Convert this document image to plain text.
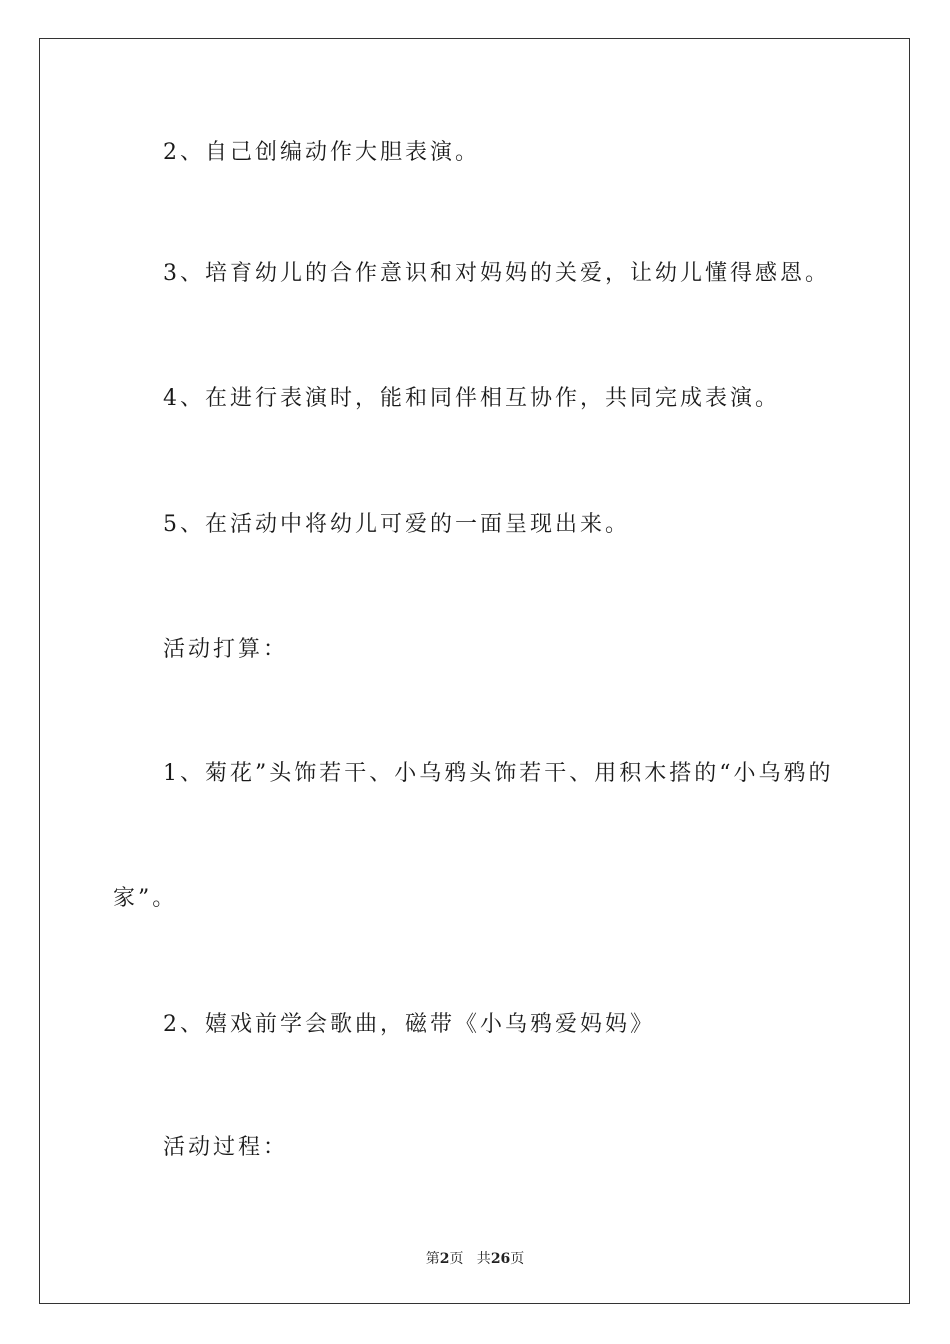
2、自己创编动作大胆表演。
3、培育幼儿的合作意识和对妈妈的关爱，让幼儿懂得感恩。
4、在进行表演时，能和同伴相互协作，共同完成表演。
5、在活动中将幼儿可爱的一面呈现出来。
活动打算：
1、菊花”头饰若干、小乌鸦头饰若干、用积木搭的“小乌鸦的
家”。
2、嬉戏前学会歌曲，磁带《小乌鸦爱妈妈》
活动过程：
第2页   共26页
